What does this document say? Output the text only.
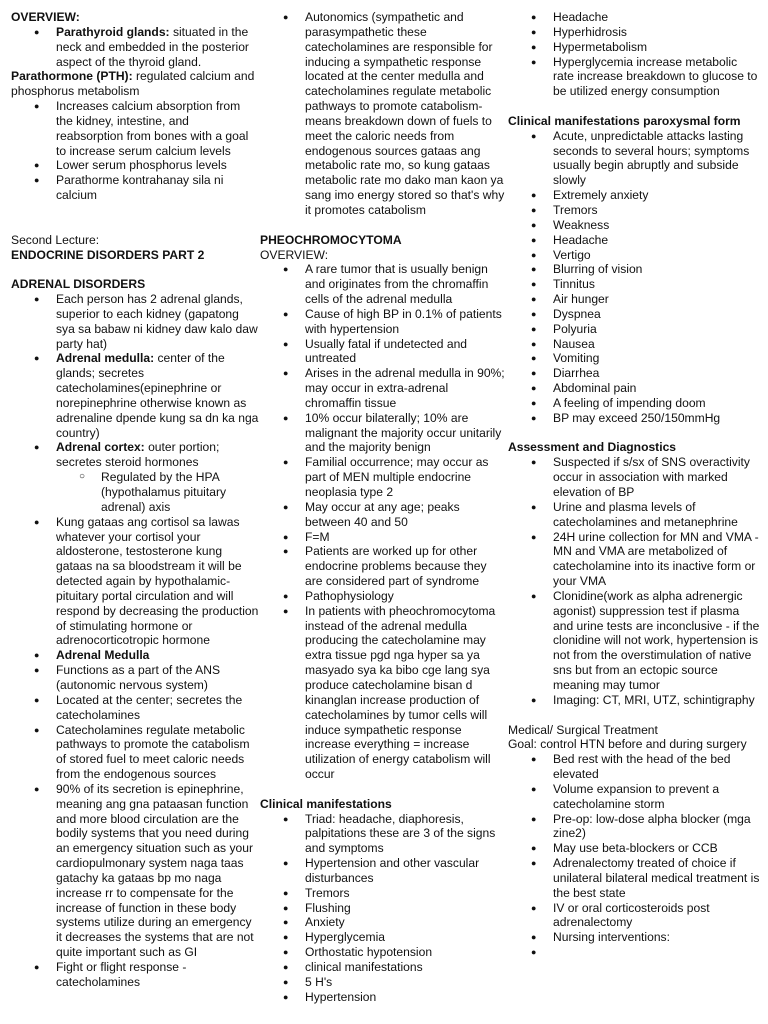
OVERVIEW:

● Parathyroid glands: situated in the neck and embedded in the posterior aspect of the thyroid gland.

Parathormone (PTH): regulated calcium and phosphorus metabolism

● Increases calcium absorption from the kidney, intestine, and reabsorption from bones with a goal to increase serum calcium levels
● Lower serum phosphorus levels
● Parathorme kontrahanay sila ni calcium

Second Lecture:

ENDOCRINE DISORDERS PART 2

ADRENAL DISORDERS

● Each person has 2 adrenal glands, superior to each kidney (gapatong sya sa babaw ni kidney daw kalo daw party hat)
● Adrenal medulla: center of the glands; secretes catecholamines(epinephrine or norepinephrine otherwise known as adrenaline dpende kung sa dn ka nga country)
● Adrenal cortex: outer portion; secretes steroid hormones
○ Regulated by the HPA (hypothalamus pituitary adrenal) axis
● Kung gataas ang cortisol sa lawas whatever your cortisol your aldosterone, testosterone kung gataas na sa bloodstream it will be detected again by hypothalamic-pituitary portal circulation and will respond by decreasing the production of stimulating hormone or adrenocorticotropic hormone
● Adrenal Medulla
● Functions as a part of the ANS (autonomic nervous system)
● Located at the center; secretes the catecholamines
● Catecholamines regulate metabolic pathways to promote the catabolism of stored fuel to meet caloric needs from the endogenous sources
● 90% of its secretion is epinephrine, meaning ang gna pataasan function and more blood circulation are the bodily systems that you need during an emergency situation such as your cardiopulmonary system naga taas gatachy ka gataas bp mo naga increase rr to compensate for the increase of function in these body systems utilize during an emergency it decreases the systems that are not quite important such as GI
● Fight or flight response - catecholamines
● Autonomics (sympathetic and parasympathetic these catecholamines are responsible for inducing a sympathetic response located at the center medulla and catecholamines regulate metabolic pathways to promote catabolism-means breakdown down of fuels to meet the caloric needs from endogenous sources gataas ang metabolic rate mo, so kung gataas metabolic rate mo dako man kaon ya sang imo energy stored so that's why it promotes catabolism

PHEOCHROMOCYTOMA

OVERVIEW:

● A rare tumor that is usually benign and originates from the chromaffin cells of the adrenal medulla
● Cause of high BP in 0.1% of patients with hypertension
● Usually fatal if undetected and untreated
● Arises in the adrenal medulla in 90%; may occur in extra-adrenal chromaffin tissue
● 10% occur bilaterally; 10% are malignant the majority occur unitarily and the majority benign
● Familial occurrence; may occur as part of MEN multiple endocrine neoplasia type 2
● May occur at any age; peaks between 40 and 50
● F=M
● Patients are worked up for other endocrine problems because they are considered part of syndrome
● Pathophysiology
● In patients with pheochromocytoma instead of the adrenal medulla producing the catecholamine may extra tissue pgd nga hyper sa ya masyado sya ka bibo cge lang sya produce catecholamine bisan d kinanglan increase production of catecholamines by tumor cells will induce sympathetic response increase everything = increase utilization of energy catabolism will occur

Clinical manifestations

● Triad: headache, diaphoresis, palpitations these are 3 of the signs and symptoms
● Hypertension and other vascular disturbances
● Tremors
● Flushing
● Anxiety
● Hyperglycemia
● Orthostatic hypotension
● clinical manifestations
● 5 H's
● Hypertension
● Headache
● Hyperhidrosis
● Hypermetabolism
● Hyperglycemia increase metabolic rate increase breakdown to glucose to be utilized energy consumption

Clinical manifestations paroxysmal form

● Acute, unpredictable attacks lasting seconds to several hours; symptoms usually begin abruptly and subside slowly
● Extremely anxiety
● Tremors
● Weakness
● Headache
● Vertigo
● Blurring of vision
● Tinnitus
● Air hunger
● Dyspnea
● Polyuria
● Nausea
● Vomiting
● Diarrhea
● Abdominal pain
● A feeling of impending doom
● BP may exceed 250/150mmHg

Assessment and Diagnostics

● Suspected if s/sx of SNS overactivity occur in association with marked elevation of BP
● Urine and plasma levels of catecholamines and metanephrine
● 24H urine collection for MN and VMA - MN and VMA are metabolized of catecholamine into its inactive form or your VMA
● Clonidine(work as alpha adrenergic agonist) suppression test if plasma and urine tests are inconclusive - if the clonidine will not work, hypertension is not from the overstimulation of native sns but from an ectopic source meaning may tumor
● Imaging: CT, MRI, UTZ, schintigraphy

Medical/ Surgical Treatment

Goal: control HTN before and during surgery

● Bed rest with the head of the bed elevated
● Volume expansion to prevent a catecholamine storm
● Pre-op: low-dose alpha blocker (mga zine2)
● May use beta-blockers or CCB
● Adrenalectomy treated of choice if unilateral bilateral medical treatment is the best state
● IV or oral corticosteroids post adrenalectomy
● Nursing interventions:
●
